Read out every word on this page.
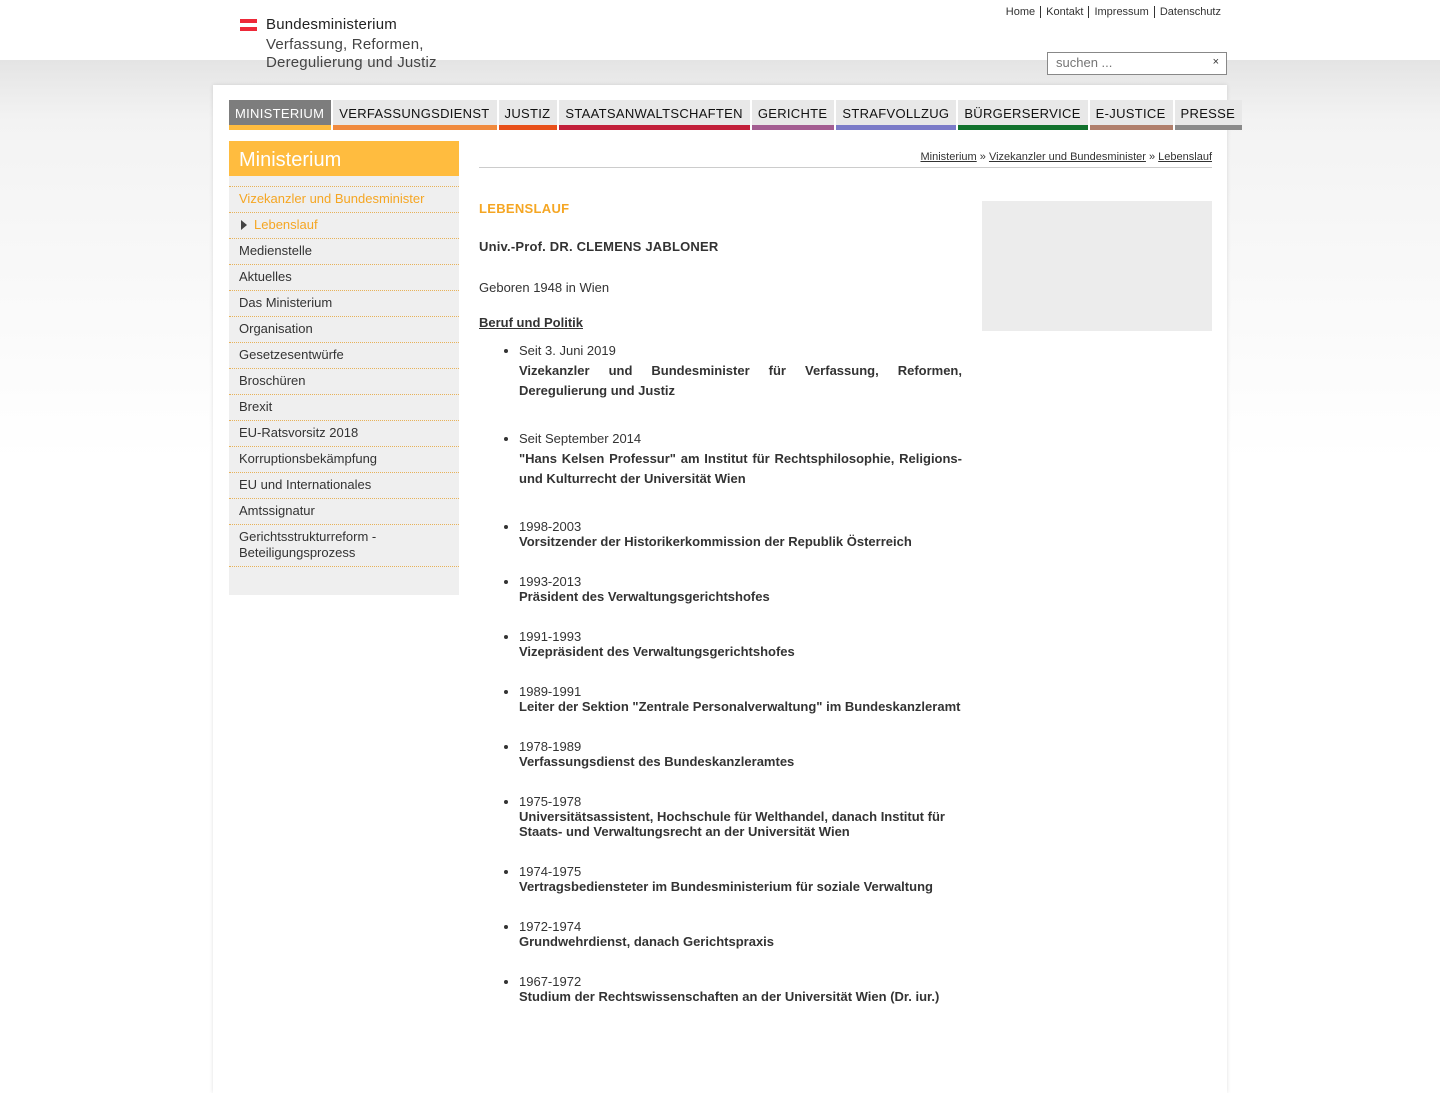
Bundesministerium
Verfassung, Reformen,
Deregulierung und Justiz
Home	Kontakt	Impressum	Datenschutz
suchen ...
×
MINISTERIUM	VERFASSUNGSDIENST	JUSTIZ	STAATSANWALTSCHAFTEN	GERICHTE	STRAFVOLLZUG	BÜRGERSERVICE	E-JUSTICE	PRESSE
Ministerium
Vizekanzler und Bundesminister
Lebenslauf
Medienstelle
Aktuelles
Das Ministerium
Organisation
Gesetzesentwürfe
Broschüren
Brexit
EU-Ratsvorsitz 2018
Korruptionsbekämpfung
EU und Internationales
Amtssignatur
Gerichtsstrukturreform - Beteiligungsprozess
Ministerium » Vizekanzler und Bundesminister » Lebenslauf
LEBENSLAUF
Univ.-Prof. DR. CLEMENS JABLONER
Geboren 1948 in Wien
Beruf und Politik
• Seit 3. Juni 2019
Vizekanzler und Bundesminister für Verfassung, Reformen, Deregulierung und Justiz
• Seit September 2014
"Hans Kelsen Professur" am Institut für Rechtsphilosophie, Religions- und Kulturrecht der Universität Wien
• 1998-2003
Vorsitzender der Historikerkommission der Republik Österreich
• 1993-2013
Präsident des Verwaltungsgerichtshofes
• 1991-1993
Vizepräsident des Verwaltungsgerichtshofes
• 1989-1991
Leiter der Sektion "Zentrale Personalverwaltung" im Bundeskanzleramt
• 1978-1989
Verfassungsdienst des Bundeskanzleramtes
• 1975-1978
Universitätsassistent, Hochschule für Welthandel, danach Institut für Staats- und Verwaltungsrecht an der Universität Wien
• 1974-1975
Vertragsbediensteter im Bundesministerium für soziale Verwaltung
• 1972-1974
Grundwehrdienst, danach Gerichtspraxis
• 1967-1972
Studium der Rechtswissenschaften an der Universität Wien (Dr. iur.)
